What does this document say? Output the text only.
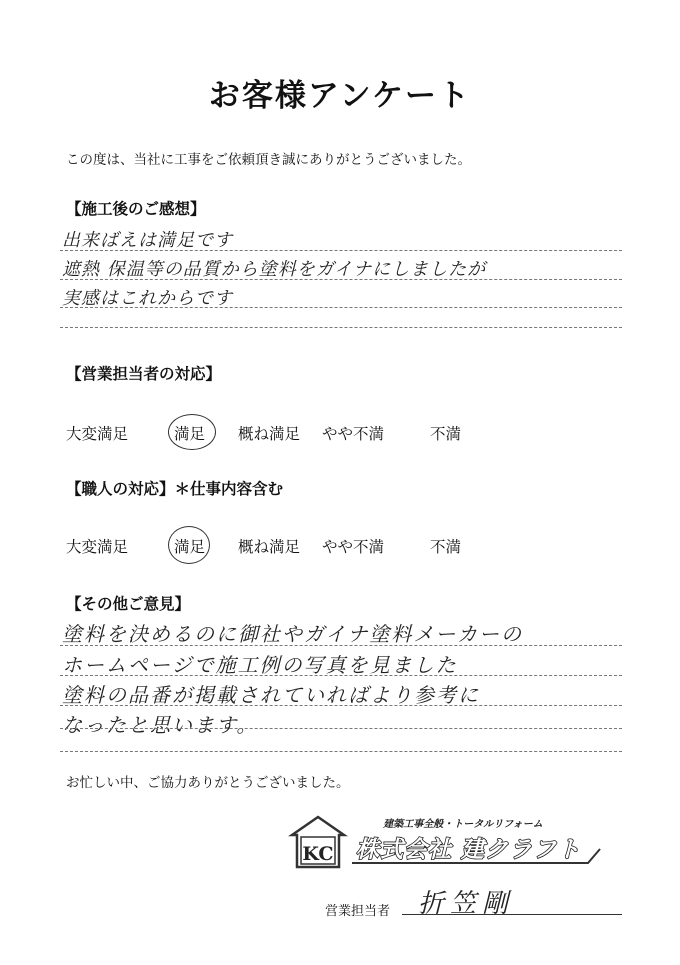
お客様アンケート
この度は、当社に工事をご依頼頂き誠にありがとうございました。
【施工後のご感想】
出来ばえは満足です
遮熱 保温等の品質から塗料をガイナにしましたが
実感はこれからです
【営業担当者の対応】
大変満足	満足 概ね満足 やや不満	不満
【職人の対応】＊仕事内容含む
大変満足	満足 概ね満足 やや不満	不満
【その他ご意見】
塗料を決めるのに御社やガイナ塗料メーカーの
ホームページで施工例の写真を見ました
塗料の品番が掲載されていればより参考に
なったと思います。
お忙しい中、ご協力ありがとうございました。
KC
建築工事全般・トータルリフォーム
株式会社 建クラフト
営業担当者 折笠剛
